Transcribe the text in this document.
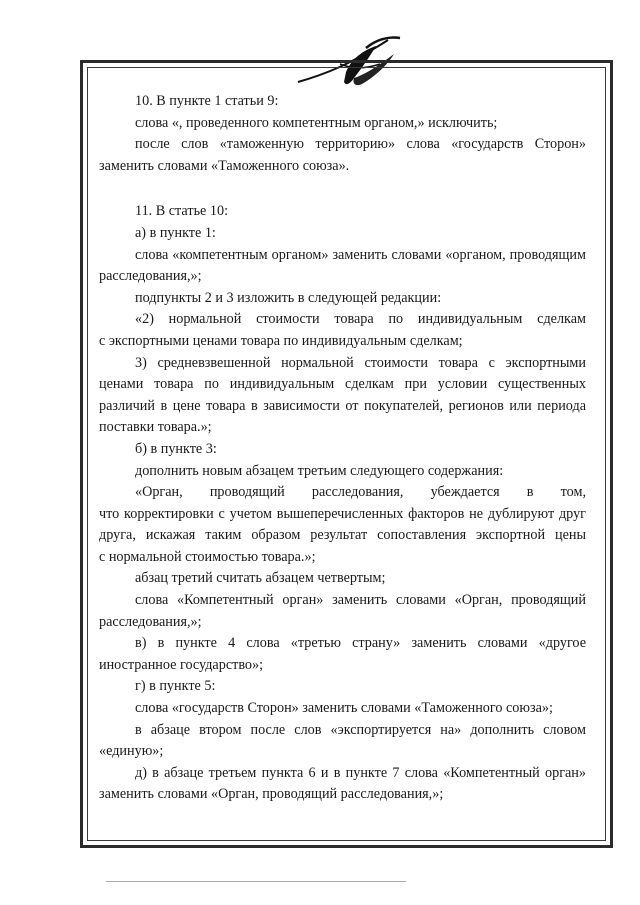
10. В пункте 1 статьи 9:

слова «, проведенного компетентным органом,» исключить;

после слов «таможенную территорию» слова «государств Сторон»

заменить словами «Таможенного союза».

11. В статье 10:

а) в пункте 1:

слова «компетентным органом» заменить словами «органом, проводящим

расследования,»;

подпункты 2 и 3 изложить в следующей редакции:

«2) нормальной стоимости товара по индивидуальным сделкам

с экспортными ценами товара по индивидуальным сделкам;

3) средневзвешенной нормальной стоимости товара с экспортными

ценами товара по индивидуальным сделкам при условии существенных

различий в цене товара в зависимости от покупателей, регионов или периода

поставки товара.»;

б) в пункте 3:

дополнить новым абзацем третьим следующего содержания:

«Орган, проводящий расследования, убеждается в том,

что корректировки с учетом вышеперечисленных факторов не дублируют друг

друга, искажая таким образом результат сопоставления экспортной цены

с нормальной стоимостью товара.»;

абзац третий считать абзацем четвертым;

слова «Компетентный орган» заменить словами «Орган, проводящий

расследования,»;

в) в пункте 4 слова «третью страну» заменить словами «другое

иностранное государство»;

г) в пункте 5:

слова «государств Сторон» заменить словами «Таможенного союза»;

в абзаце втором после слов «экспортируется на» дополнить словом

«единую»;

д) в абзаце третьем пункта 6 и в пункте 7 слова «Компетентный орган»

заменить словами «Орган, проводящий расследования,»;
